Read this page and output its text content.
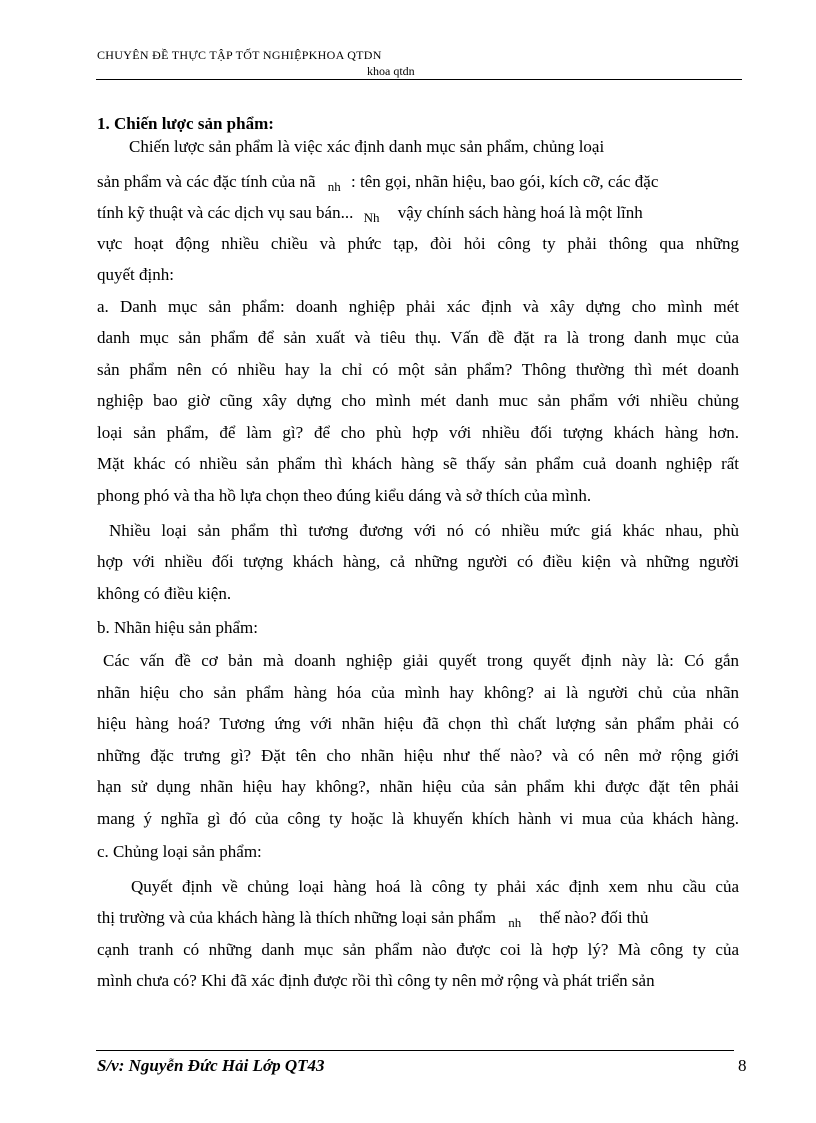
CHUYÊN ĐỀ THỰC TẬP TỐT NGHIỆPKHOA QTDN
khoa qtdn
1. Chiến lược sản phẩm:
Chiến lược sản phẩm là việc xác định danh mục sản phẩm, chủng loại
sản phẩm và các đặc tính của nã $_{nh}$ : tên gọi, nhãn hiệu, bao gói, kích cỡ, các đặc
tính kỹ thuật và các dịch vụ sau bán... $_{Nh}$ vậy chính sách hàng hoá là một lĩnh
vực hoạt động nhiều chiều và phức tạp, đòi hỏi công ty phải thông qua những
quyết định:
a. Danh mục sản phẩm: doanh nghiệp phải xác định và xây dựng cho mình mét
danh mục sản phẩm để sản xuất và tiêu thụ. Vấn đề đặt ra là trong danh mục của
sản phẩm nên có nhiều hay la chỉ có một sản phẩm? Thông thường thì mét doanh
nghiệp bao giờ cũng xây dựng cho mình mét danh muc sản phẩm với nhiều chủng
loại sản phẩm, để làm gì? để cho phù hợp với nhiều đối tượng khách hàng hơn.
Mặt khác có nhiều sản phẩm thì khách hàng sẽ thấy sản phẩm cuả doanh nghiệp rất
phong phó và tha hồ lựa chọn theo đúng kiểu dáng và sở thích của mình.
Nhiều loại sản phẩm thì tương đương với nó có nhiều mức giá khác nhau, phù
hợp với nhiều đối tượng khách hàng, cả những người có điều kiện và những người
không có điều kiện.
b. Nhãn hiệu sản phẩm:
Các vấn đề cơ bản mà doanh nghiệp giải quyết trong quyết định này là: Có gắn
nhãn hiệu cho sản phẩm hàng hóa của mình hay không? ai là người chủ của nhãn
hiệu hàng hoá? Tương ứng với nhãn hiệu đã chọn thì chất lượng sản phẩm phải có
những đặc trưng gì? Đặt tên cho nhãn hiệu như thế nào? và có nên mở rộng giới
hạn sử dụng nhãn hiệu hay không?, nhãn hiệu của sản phẩm khi được đặt tên phải
mang ý nghĩa gì đó của công ty hoặc là khuyến khích hành vi mua của khách hàng.
c. Chủng loại sản phẩm:
Quyết định về chủng loại hàng hoá là công ty phải xác định xem nhu cầu của
thị trường và của khách hàng là thích những loại sản phẩm $_{nh}$ thế nào? đối thủ
cạnh tranh có những danh mục sản phẩm nào được coi là hợp lý? Mà công ty của
mình chưa có? Khi đã xác định được rồi thì công ty nên mở rộng và phát triển sản
S/v: Nguyễn Đức Hải Lớp QT43	8
